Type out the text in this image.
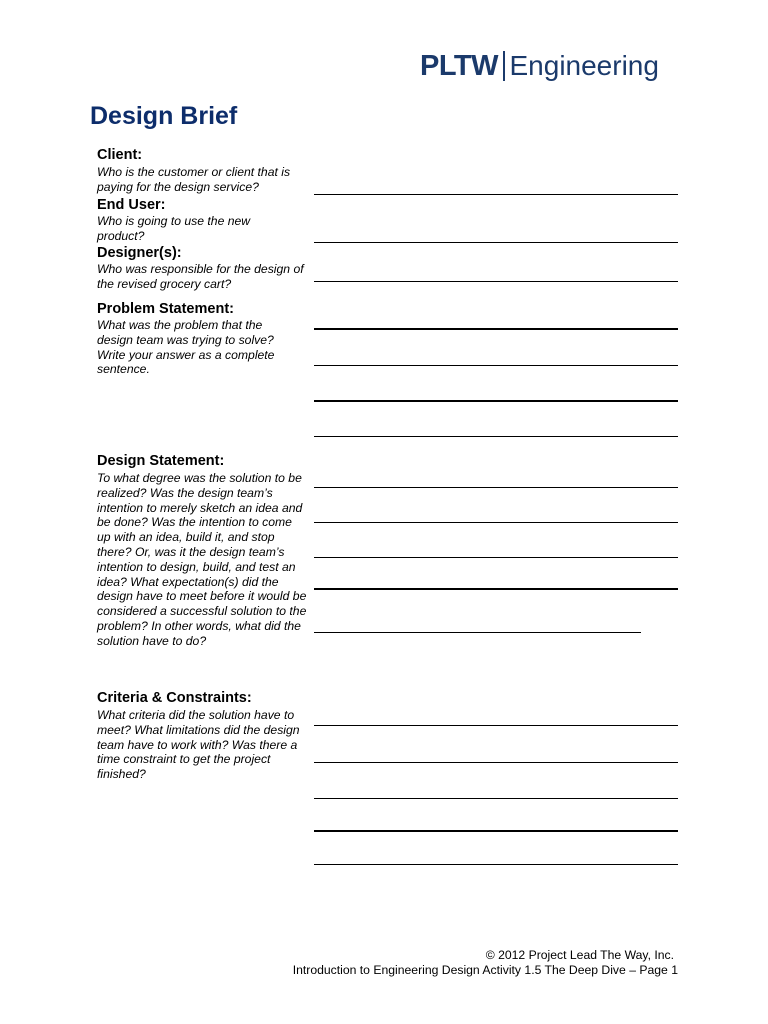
PLTW Engineering
Design Brief
Client:
Who is the customer or client that is paying for the design service?
End User:
Who is going to use the new product?
Designer(s):
Who was responsible for the design of the revised grocery cart?
Problem Statement:
What was the problem that the design team was trying to solve? Write your answer as a complete sentence.
Design Statement:
To what degree was the solution to be realized? Was the design team’s intention to merely sketch an idea and be done? Was the intention to come up with an idea, build it, and stop there? Or, was it the design team’s intention to design, build, and test an idea? What expectation(s) did the design have to meet before it would be considered a successful solution to the problem? In other words, what did the solution have to do?
Criteria & Constraints:
What criteria did the solution have to meet? What limitations did the design team have to work with? Was there a time constraint to get the project finished?
© 2012 Project Lead The Way, Inc.
Introduction to Engineering Design Activity 1.5 The Deep Dive – Page 1
